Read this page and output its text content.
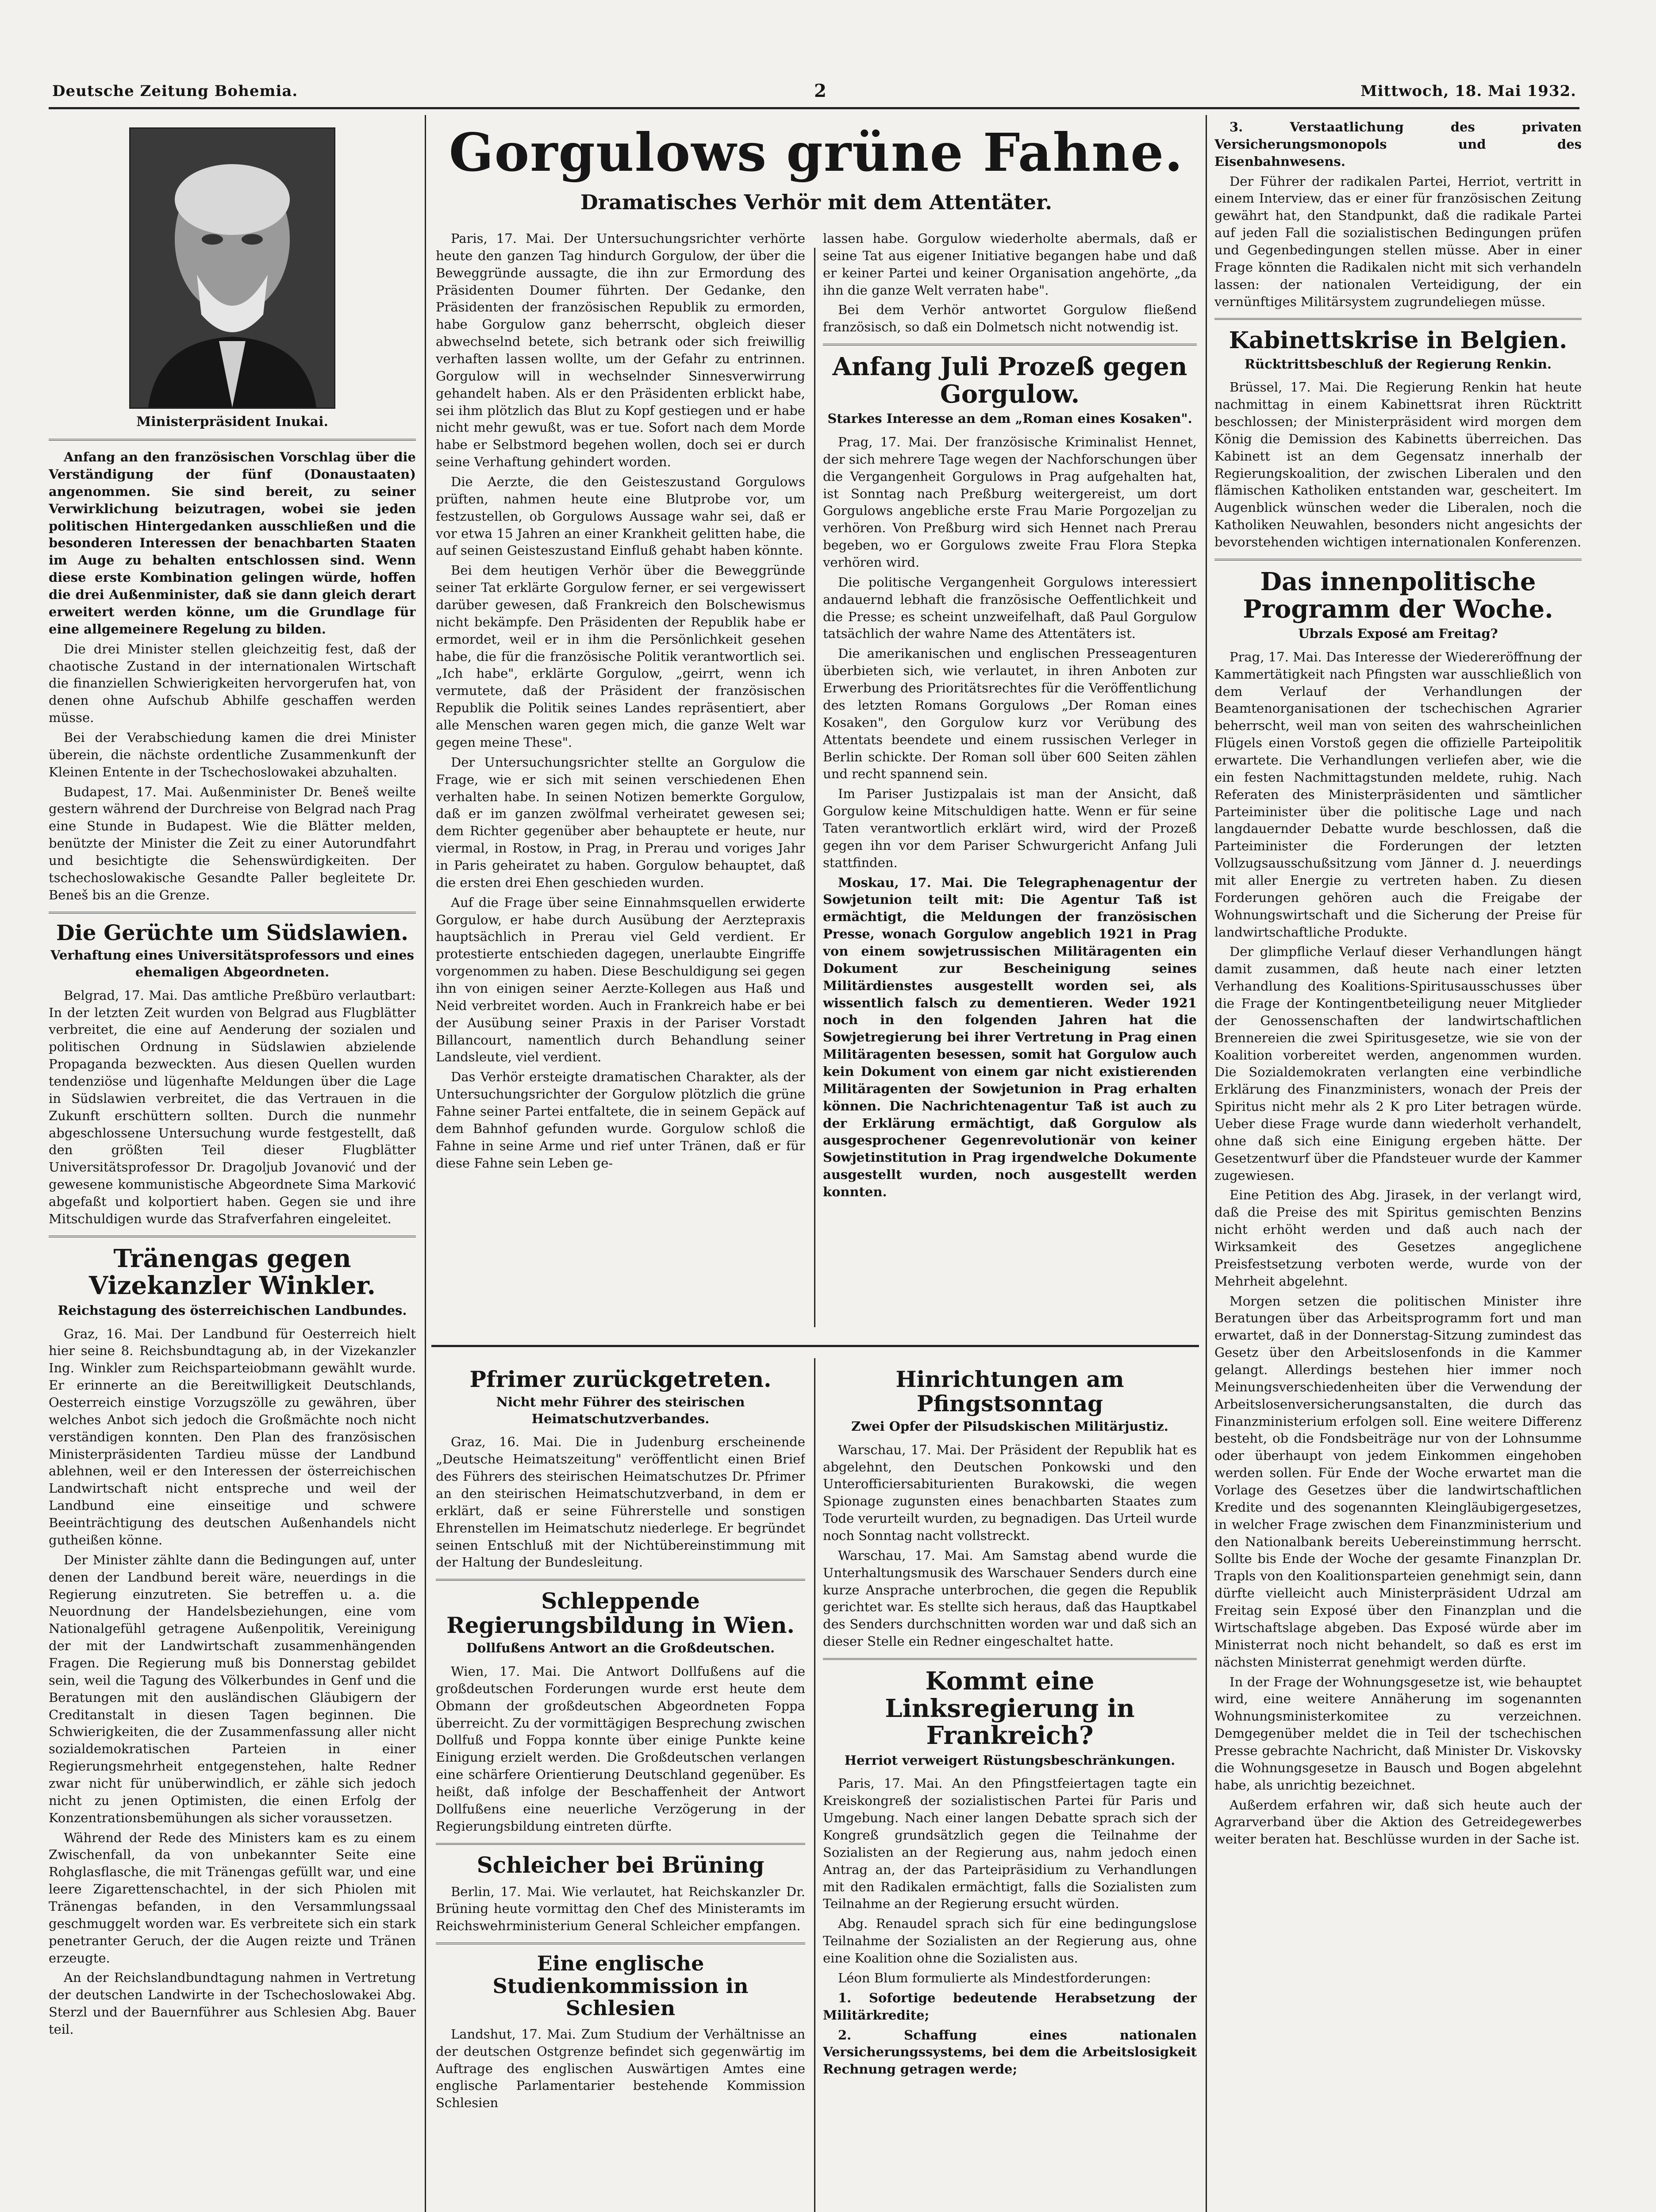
Deutsche Zeitung Bohemia.	2	Mittwoch, 18. Mai 1932.
Ministerpräsident Inukai.

Anfang an den französischen Vorschlag über die Verständigung der fünf (Donaustaaten) angenommen. Sie sind bereit, zu seiner Verwirklichung beizutragen, wobei sie jeden politischen Hintergedanken ausschließen und die besonderen Interessen der benachbarten Staaten im Auge zu behalten entschlossen sind. Wenn diese erste Kombination gelingen würde, hoffen die drei Außenminister, daß sie dann gleich derart erweitert werden könne, um die Grundlage für eine allgemeinere Regelung zu bilden.

Die drei Minister stellen gleichzeitig fest, daß der chaotische Zustand in der internationalen Wirtschaft die finanziellen Schwierigkeiten hervorgerufen hat, von denen ohne Aufschub Abhilfe geschaffen werden müsse.

Bei der Verabschiedung kamen die drei Minister überein, die nächste ordentliche Zusammenkunft der Kleinen Entente in der Tschechoslowakei abzuhalten.

Budapest, 17. Mai. Außenminister Dr. Beneš weilte gestern während der Durchreise von Belgrad nach Prag eine Stunde in Budapest. Wie die Blätter melden, benützte der Minister die Zeit zu einer Autorundfahrt und besichtigte die Sehenswürdigkeiten. Der tschechoslowakische Gesandte Paller begleitete Dr. Beneš bis an die Grenze.

Die Gerüchte um Südslawien.
Verhaftung eines Universitätsprofessors und eines ehemaligen Abgeordneten.

Belgrad, 17. Mai. Das amtliche Preßbüro verlautbart: In der letzten Zeit wurden von Belgrad aus Flugblätter verbreitet, die eine auf Aenderung der sozialen und politischen Ordnung in Südslawien abzielende Propaganda bezweckten. Aus diesen Quellen wurden tendenziöse und lügenhafte Meldungen über die Lage in Südslawien verbreitet, die das Vertrauen in die Zukunft erschüttern sollten. Durch die nunmehr abgeschlossene Untersuchung wurde festgestellt, daß den größten Teil dieser Flugblätter Universitätsprofessor Dr. Dragoljub Jovanović und der gewesene kommunistische Abgeordnete Sima Marković abgefaßt und kolportiert haben. Gegen sie und ihre Mitschuldigen wurde das Strafverfahren eingeleitet.

Tränengas gegen Vizekanzler Winkler.
Reichstagung des österreichischen Landbundes.

Graz, 16. Mai. Der Landbund für Oesterreich hielt hier seine 8. Reichsbundtagung ab, in der Vizekanzler Ing. Winkler zum Reichsparteiobmann gewählt wurde. Er erinnerte an die Bereitwilligkeit Deutschlands, Oesterreich einstige Vorzugszölle zu gewähren, über welches Anbot sich jedoch die Großmächte noch nicht verständigen konnten. Den Plan des französischen Ministerpräsidenten Tardieu müsse der Landbund ablehnen, weil er den Interessen der österreichischen Landwirtschaft nicht entspreche und weil der Landbund eine einseitige und schwere Beeinträchtigung des deutschen Außenhandels nicht gutheißen könne.

Der Minister zählte dann die Bedingungen auf, unter denen der Landbund bereit wäre, neuerdings in die Regierung einzutreten. Sie betreffen u. a. die Neuordnung der Handelsbeziehungen, eine vom Nationalgefühl getragene Außenpolitik, Vereinigung der mit der Landwirtschaft zusammenhängenden Fragen. Die Regierung muß bis Donnerstag gebildet sein, weil die Tagung des Völkerbundes in Genf und die Beratungen mit den ausländischen Gläubigern der Creditanstalt in diesen Tagen beginnen. Die Schwierigkeiten, die der Zusammenfassung aller nicht sozialdemokratischen Parteien in einer Regierungsmehrheit entgegenstehen, halte Redner zwar nicht für unüberwindlich, er zähle sich jedoch nicht zu jenen Optimisten, die einen Erfolg der Konzentrationsbemühungen als sicher voraussetzen.

Während der Rede des Ministers kam es zu einem Zwischenfall, da von unbekannter Seite eine Rohglasflasche, die mit Tränengas gefüllt war, und eine leere Zigarettenschachtel, in der sich Phiolen mit Tränengas befanden, in den Versammlungssaal geschmuggelt worden war. Es verbreitete sich ein stark penetranter Geruch, der die Augen reizte und Tränen erzeugte.

An der Reichslandbundtagung nahmen in Vertretung der deutschen Landwirte in der Tschechoslowakei Abg. Sterzl und der Bauernführer aus Schlesien Abg. Bauer teil.

Gorgulows grüne Fahne.
Dramatisches Verhör mit dem Attentäter.

Paris, 17. Mai. Der Untersuchungsrichter verhörte heute den ganzen Tag hindurch Gorgulow, der über die Beweggründe aussagte, die ihn zur Ermordung des Präsidenten Doumer führten. Der Gedanke, den Präsidenten der französischen Republik zu ermorden, habe Gorgulow ganz beherrscht, obgleich dieser abwechselnd betete, sich betrank oder sich freiwillig verhaften lassen wollte, um der Gefahr zu entrinnen. Gorgulow will in wechselnder Sinnesverwirrung gehandelt haben. Als er den Präsidenten erblickt habe, sei ihm plötzlich das Blut zu Kopf gestiegen und er habe nicht mehr gewußt, was er tue. Sofort nach dem Morde habe er Selbstmord begehen wollen, doch sei er durch seine Verhaftung gehindert worden.

Die Aerzte, die den Geisteszustand Gorgulows prüften, nahmen heute eine Blutprobe vor, um festzustellen, ob Gorgulows Aussage wahr sei, daß er vor etwa 15 Jahren an einer Krankheit gelitten habe, die auf seinen Geisteszustand Einfluß gehabt haben könnte.

Bei dem heutigen Verhör über die Beweggründe seiner Tat erklärte Gorgulow ferner, er sei vergewissert darüber gewesen, daß Frankreich den Bolschewismus nicht bekämpfe. Den Präsidenten der Republik habe er ermordet, weil er in ihm die Persönlichkeit gesehen habe, die für die französische Politik verantwortlich sei. „Ich habe", erklärte Gorgulow, „geirrt, wenn ich vermutete, daß der Präsident der französischen Republik die Politik seines Landes repräsentiert, aber alle Menschen waren gegen mich, die ganze Welt war gegen meine These".

Der Untersuchungsrichter stellte an Gorgulow die Frage, wie er sich mit seinen verschiedenen Ehen verhalten habe. In seinen Notizen bemerkte Gorgulow, daß er im ganzen zwölfmal verheiratet gewesen sei; dem Richter gegenüber aber behauptete er heute, nur viermal, in Rostow, in Prag, in Prerau und voriges Jahr in Paris geheiratet zu haben. Gorgulow behauptet, daß die ersten drei Ehen geschieden wurden.

Auf die Frage über seine Einnahmsquellen erwiderte Gorgulow, er habe durch Ausübung der Aerztepraxis hauptsächlich in Prerau viel Geld verdient. Er protestierte entschieden dagegen, unerlaubte Eingriffe vorgenommen zu haben. Diese Beschuldigung sei gegen ihn von einigen seiner Aerzte-Kollegen aus Haß und Neid verbreitet worden. Auch in Frankreich habe er bei der Ausübung seiner Praxis in der Pariser Vorstadt Billancourt, namentlich durch Behandlung seiner Landsleute, viel verdient.

Das Verhör ersteigte dramatischen Charakter, als der Untersuchungsrichter der Gorgulow plötzlich die grüne Fahne seiner Partei entfaltete, die in seinem Gepäck auf dem Bahnhof gefunden wurde. Gorgulow schloß die Fahne in seine Arme und rief unter Tränen, daß er für diese Fahne sein Leben ge-

lassen habe. Gorgulow wiederholte abermals, daß er seine Tat aus eigener Initiative begangen habe und daß er keiner Partei und keiner Organisation angehörte, „da ihn die ganze Welt verraten habe".

Bei dem Verhör antwortet Gorgulow fließend französisch, so daß ein Dolmetsch nicht notwendig ist.

Anfang Juli Prozeß gegen Gorgulow.
Starkes Interesse an dem „Roman eines Kosaken".

Prag, 17. Mai. Der französische Kriminalist Hennet, der sich mehrere Tage wegen der Nachforschungen über die Vergangenheit Gorgulows in Prag aufgehalten hat, ist Sonntag nach Preßburg weitergereist, um dort Gorgulows angebliche erste Frau Marie Porgozeljan zu verhören. Von Preßburg wird sich Hennet nach Prerau begeben, wo er Gorgulows zweite Frau Flora Stepka verhören wird.

Die politische Vergangenheit Gorgulows interessiert andauernd lebhaft die französische Oeffentlichkeit und die Presse; es scheint unzweifelhaft, daß Paul Gorgulow tatsächlich der wahre Name des Attentäters ist.

Die amerikanischen und englischen Presseagenturen überbieten sich, wie verlautet, in ihren Anboten zur Erwerbung des Prioritätsrechtes für die Veröffentlichung des letzten Romans Gorgulows „Der Roman eines Kosaken", den Gorgulow kurz vor Verübung des Attentats beendete und einem russischen Verleger in Berlin schickte. Der Roman soll über 600 Seiten zählen und recht spannend sein.

Im Pariser Justizpalais ist man der Ansicht, daß Gorgulow keine Mitschuldigen hatte. Wenn er für seine Taten verantwortlich erklärt wird, wird der Prozeß gegen ihn vor dem Pariser Schwurgericht Anfang Juli stattfinden.

Moskau, 17. Mai. Die Telegraphenagentur der Sowjetunion teilt mit: Die Agentur Taß ist ermächtigt, die Meldungen der französischen Presse, wonach Gorgulow angeblich 1921 in Prag von einem sowjetrussischen Militäragenten ein Dokument zur Bescheinigung seines Militärdienstes ausgestellt worden sei, als wissentlich falsch zu dementieren. Weder 1921 noch in den folgenden Jahren hat die Sowjetregierung bei ihrer Vertretung in Prag einen Militäragenten besessen, somit hat Gorgulow auch kein Dokument von einem gar nicht existierenden Militäragenten der Sowjetunion in Prag erhalten können. Die Nachrichtenagentur Taß ist auch zu der Erklärung ermächtigt, daß Gorgulow als ausgesprochener Gegenrevolutionär von keiner Sowjetinstitution in Prag irgendwelche Dokumente ausgestellt wurden, noch ausgestellt werden konnten.

Pfrimer zurückgetreten.
Nicht mehr Führer des steirischen Heimatschutzverbandes.

Graz, 16. Mai. Die in Judenburg erscheinende „Deutsche Heimatszeitung" veröffentlicht einen Brief des Führers des steirischen Heimatschutzes Dr. Pfrimer an den steirischen Heimatschutzverband, in dem er erklärt, daß er seine Führerstelle und sonstigen Ehrenstellen im Heimatschutz niederlege. Er begründet seinen Entschluß mit der Nichtübereinstimmung mit der Haltung der Bundesleitung.

Schleppende Regierungsbildung in Wien.
Dollfußens Antwort an die Großdeutschen.

Wien, 17. Mai. Die Antwort Dollfußens auf die großdeutschen Forderungen wurde erst heute dem Obmann der großdeutschen Abgeordneten Foppa überreicht. Zu der vormittägigen Besprechung zwischen Dollfuß und Foppa konnte über einige Punkte keine Einigung erzielt werden. Die Großdeutschen verlangen eine schärfere Orientierung Deutschland gegenüber. Es heißt, daß infolge der Beschaffenheit der Antwort Dollfußens eine neuerliche Verzögerung in der Regierungsbildung eintreten dürfte.

Schleicher bei Brüning

Berlin, 17. Mai. Wie verlautet, hat Reichskanzler Dr. Brüning heute vormittag den Chef des Ministeramts im Reichswehrministerium General Schleicher empfangen.

Eine englische Studienkommission in Schlesien

Landshut, 17. Mai. Zum Studium der Verhältnisse an der deutschen Ostgrenze befindet sich gegenwärtig im Auftrage des englischen Auswärtigen Amtes eine englische Parlamentarier bestehende Kommission Schlesien

Hinrichtungen am Pfingstsonntag
Zwei Opfer der Pilsudskischen Militärjustiz.

Warschau, 17. Mai. Der Präsident der Republik hat es abgelehnt, den Deutschen Ponkowski und den Unterofficiersabiturienten Burakowski, die wegen Spionage zugunsten eines benachbarten Staates zum Tode verurteilt wurden, zu begnadigen. Das Urteil wurde noch Sonntag nacht vollstreckt.

Warschau, 17. Mai. Am Samstag abend wurde die Unterhaltungsmusik des Warschauer Senders durch eine kurze Ansprache unterbrochen, die gegen die Republik gerichtet war. Es stellte sich heraus, daß das Hauptkabel des Senders durchschnitten worden war und daß sich an dieser Stelle ein Redner eingeschaltet hatte.

Kommt eine Linksregierung in Frankreich?
Herriot verweigert Rüstungsbeschränkungen.

Paris, 17. Mai. An den Pfingstfeiertagen tagte ein Kreiskongreß der sozialistischen Partei für Paris und Umgebung. Nach einer langen Debatte sprach sich der Kongreß grundsätzlich gegen die Teilnahme der Sozialisten an der Regierung aus, nahm jedoch einen Antrag an, der das Parteipräsidium zu Verhandlungen mit den Radikalen ermächtigt, falls die Sozialisten zum Teilnahme an der Regierung ersucht würden.

Abg. Renaudel sprach sich für eine bedingungslose Teilnahme der Sozialisten an der Regierung aus, ohne eine Koalition ohne die Sozialisten aus.

Léon Blum formulierte als Mindestforderungen:

1. Sofortige bedeutende Herabsetzung der Militärkredite;

2. Schaffung eines nationalen Versicherungssystems, bei dem die Arbeitslosigkeit Rechnung getragen werde;

3. Verstaatlichung des privaten Versicherungsmonopols und des Eisenbahnwesens.

Der Führer der radikalen Partei, Herriot, vertritt in einem Interview, das er einer für französischen Zeitung gewährt hat, den Standpunkt, daß die radikale Partei auf jeden Fall die sozialistischen Bedingungen prüfen und Gegenbedingungen stellen müsse. Aber in einer Frage könnten die Radikalen nicht mit sich verhandeln lassen: der nationalen Verteidigung, der ein vernünftiges Militärsystem zugrundeliegen müsse.

Kabinettskrise in Belgien.
Rücktrittsbeschluß der Regierung Renkin.

Brüssel, 17. Mai. Die Regierung Renkin hat heute nachmittag in einem Kabinettsrat ihren Rücktritt beschlossen; der Ministerpräsident wird morgen dem König die Demission des Kabinetts überreichen. Das Kabinett ist an dem Gegensatz innerhalb der Regierungskoalition, der zwischen Liberalen und den flämischen Katholiken entstanden war, gescheitert. Im Augenblick wünschen weder die Liberalen, noch die Katholiken Neuwahlen, besonders nicht angesichts der bevorstehenden wichtigen internationalen Konferenzen.

Das innenpolitische Programm der Woche.
Ubrzals Exposé am Freitag?

Prag, 17. Mai. Das Interesse der Wiedereröffnung der Kammertätigkeit nach Pfingsten war ausschließlich von dem Verlauf der Verhandlungen der Beamtenorganisationen der tschechischen Agrarier beherrscht, weil man von seiten des wahrscheinlichen Flügels einen Vorstoß gegen die offizielle Parteipolitik erwartete. Die Verhandlungen verliefen aber, wie die ein festen Nachmittagstunden meldete, ruhig. Nach Referaten des Ministerpräsidenten und sämtlicher Parteiminister über die politische Lage und nach langdauernder Debatte wurde beschlossen, daß die Parteiminister die Forderungen der letzten Vollzugsausschußsitzung vom Jänner d. J. neuerdings mit aller Energie zu vertreten haben. Zu diesen Forderungen gehören auch die Freigabe der Wohnungswirtschaft und die Sicherung der Preise für landwirtschaftliche Produkte.

Der glimpfliche Verlauf dieser Verhandlungen hängt damit zusammen, daß heute nach einer letzten Verhandlung des Koalitions-Spiritusausschusses über die Frage der Kontingentbeteiligung neuer Mitglieder der Genossenschaften der landwirtschaftlichen Brennereien die zwei Spiritusgesetze, wie sie von der Koalition vorbereitet werden, angenommen wurden. Die Sozialdemokraten verlangten eine verbindliche Erklärung des Finanzministers, wonach der Preis der Spiritus nicht mehr als 2 K pro Liter betragen würde. Ueber diese Frage wurde dann wiederholt verhandelt, ohne daß sich eine Einigung ergeben hätte. Der Gesetzentwurf über die Pfandsteuer wurde der Kammer zugewiesen.

Eine Petition des Abg. Jirasek, in der verlangt wird, daß die Preise des mit Spiritus gemischten Benzins nicht erhöht werden und daß auch nach der Wirksamkeit des Gesetzes angeglichene Preisfestsetzung verboten werde, wurde von der Mehrheit abgelehnt.

Morgen setzen die politischen Minister ihre Beratungen über das Arbeitsprogramm fort und man erwartet, daß in der Donnerstag-Sitzung zumindest das Gesetz über den Arbeitslosenfonds in die Kammer gelangt. Allerdings bestehen hier immer noch Meinungsverschiedenheiten über die Verwendung der Arbeitslosenversicherungsanstalten, die durch das Finanzministerium erfolgen soll. Eine weitere Differenz besteht, ob die Fondsbeiträge nur von der Lohnsumme oder überhaupt von jedem Einkommen eingehoben werden sollen. Für Ende der Woche erwartet man die Vorlage des Gesetzes über die landwirtschaftlichen Kredite und des sogenannten Kleingläubigergesetzes, in welcher Frage zwischen dem Finanzministerium und den Nationalbank bereits Uebereinstimmung herrscht. Sollte bis Ende der Woche der gesamte Finanzplan Dr. Trapls von den Koalitionsparteien genehmigt sein, dann dürfte vielleicht auch Ministerpräsident Udrzal am Freitag sein Exposé über den Finanzplan und die Wirtschaftslage abgeben. Das Exposé würde aber im Ministerrat noch nicht behandelt, so daß es erst im nächsten Ministerrat genehmigt werden dürfte.

In der Frage der Wohnungsgesetze ist, wie behauptet wird, eine weitere Annäherung im sogenannten Wohnungsministerkomitee zu verzeichnen. Demgegenüber meldet die in Teil der tschechischen Presse gebrachte Nachricht, daß Minister Dr. Viskovsky die Wohnungsgesetze in Bausch und Bogen abgelehnt habe, als unrichtig bezeichnet.

Außerdem erfahren wir, daß sich heute auch der Agrarverband über die Aktion des Getreidegewerbes weiter beraten hat. Beschlüsse wurden in der Sache ist.
